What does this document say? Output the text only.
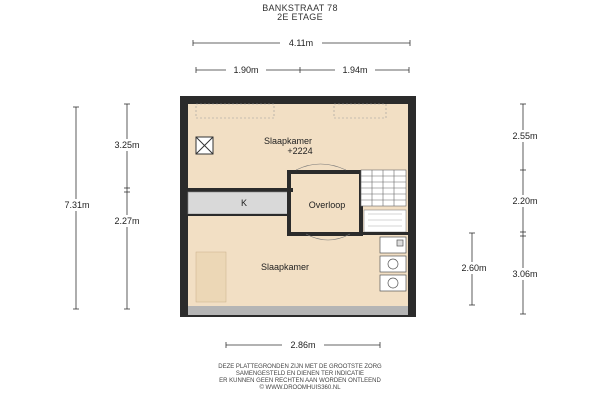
BANKSTRAAT 78
2E ETAGE
4.11m
1.90m	1.94m
7.31m
3.25m
2.27m
2.55m
2.20m
3.06m
2.60m
2.86m
Slaapkamer
+2224
Overloop
K
Slaapkamer
DEZE PLATTEGRONDEN ZIJN MET DE GROOTSTE ZORG
SAMENGESTELD EN DIENEN TER INDICATIE
ER KUNNEN GEEN RECHTEN AAN WORDEN ONTLEEND
© WWW.DROOMHUIS360.NL
